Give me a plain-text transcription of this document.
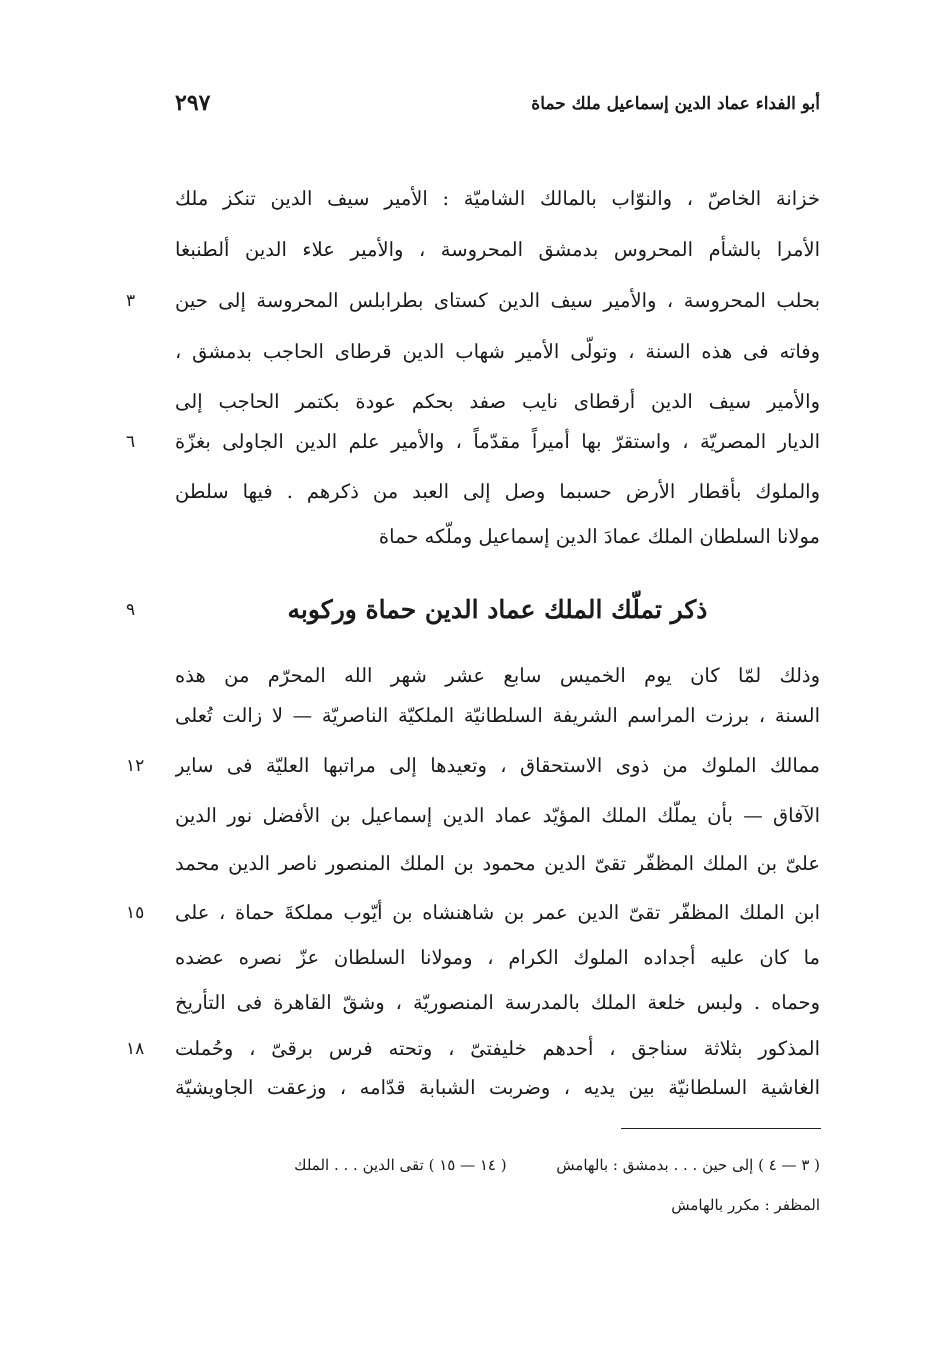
أبو الفداء عماد الدين إسماعيل ملك حماة
٢٩٧
خزانة الخاصّ ، والنوّاب بالمالك الشاميّة : الأمير سيف الدين تنكز ملك
الأمرا بالشأم المحروس بدمشق المحروسة ، والأمير علاء الدين ألطنبغا
بحلب المحروسة ، والأمير سيف الدين كستاى بطرابلس المحروسة إلى حين
٣
وفاته فى هذه السنة ، وتولّى الأمير شهاب الدين قرطاى الحاجب بدمشق ،
والأمير سيف الدين أرقطاى نايب صفد بحكم عودة بكتمر الحاجب إلى
الديار المصريّة ، واستقرّ بها أميراً مقدّماً ، والأمير علم الدين الجاولى بغزّة
٦
والملوك بأقطار الأرض حسبما وصل إلى العبد من ذكرهم . فيها سلطن
مولانا السلطان الملك عمادَ الدين إسماعيل وملّكه حماة
ذكر تملّك الملك عماد الدين حماة وركوبه
٩
وذلك لمّا كان يوم الخميس سابع عشر شهر الله المحرّم من هذه
السنة ، برزت المراسم الشريفة السلطانيّة الملكيّة الناصريّة — لا زالت تُعلى
ممالك الملوك من ذوى الاستحقاق ، وتعيدها إلى مراتبها العليّة فى ساير
١٢
الآفاق — بأن يملّك الملك المؤيّد عماد الدين إسماعيل بن الأفضل نور الدين
علىّ بن الملك المظفّر تقىّ الدين محمود بن الملك المنصور ناصر الدين محمد
ابن الملك المظفّر تقىّ الدين عمر بن شاهنشاه بن أيّوب مملكةَ حماة ، على
١٥
ما كان عليه أجداده الملوك الكرام ، ومولانا السلطان عزّ نصره عضده
وحماه . ولبس خلعة الملك بالمدرسة المنصوريّة ، وشقّ القاهرة فى التأريخ
المذكور بثلاثة سناجق ، أحدهم خليفتىّ ، وتحته فرس برقىّ ، وحُملت
١٨
الغاشية السلطانيّة بين يديه ، وضربت الشبابة قدّامه ، وزعقت الجاويشيّة
( ٣ — ٤ ) إلى حين . . . بدمشق : بالهامش  ( ١٤ — ١٥ ) تقى الدين . . . الملك
المظفر : مكرر بالهامش
